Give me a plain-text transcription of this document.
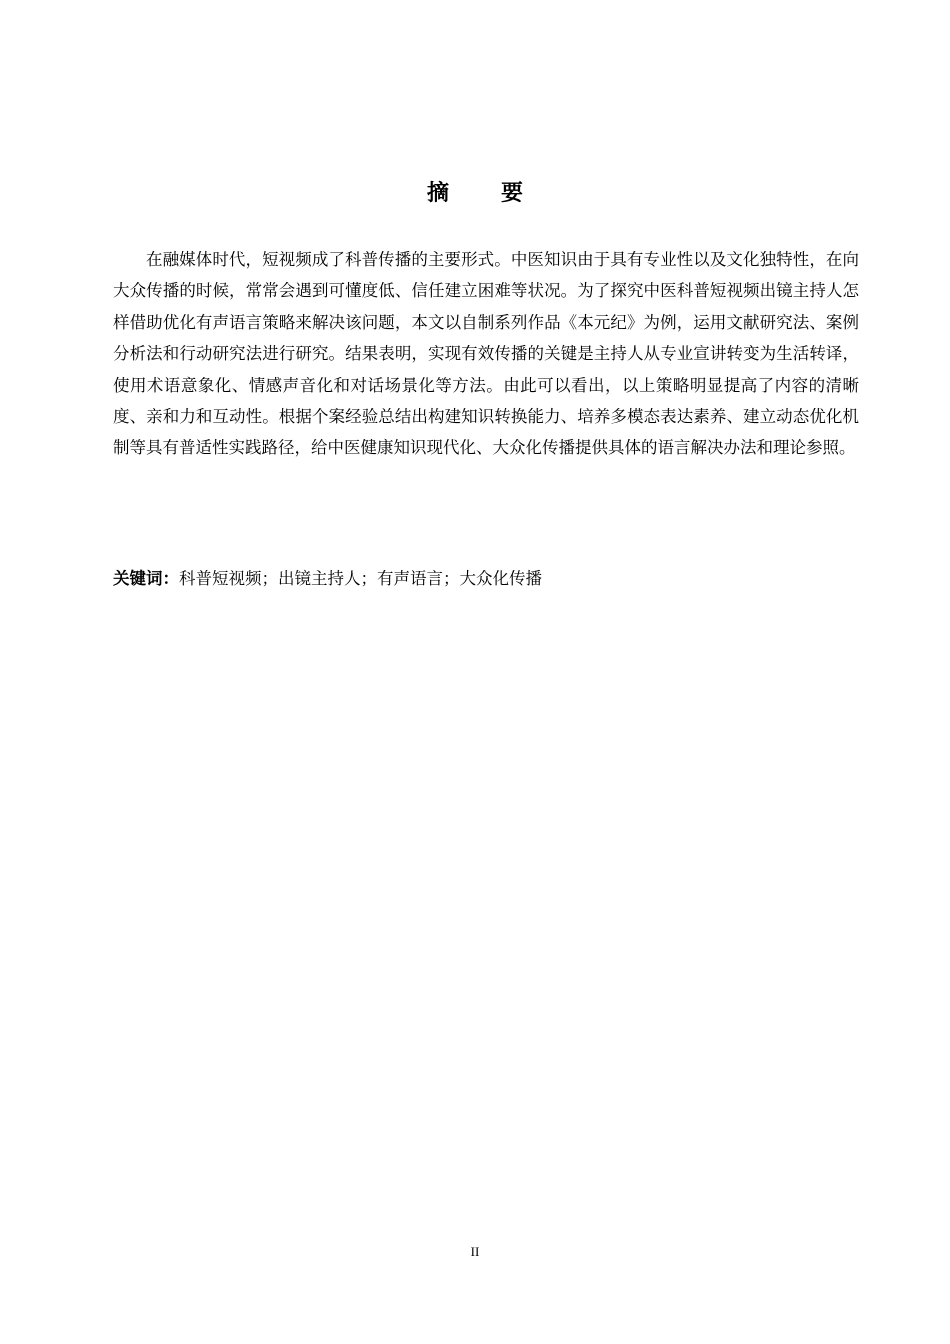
摘 要

在融媒体时代，短视频成了科普传播的主要形式。中医知识由于具有专业性以及文化独特性，在向大众传播的时候，常常会遇到可懂度低、信任建立困难等状况。为了探究中医科普短视频出镜主持人怎样借助优化有声语言策略来解决该问题，本文以自制系列作品《本元纪》为例，运用文献研究法、案例分析法和行动研究法进行研究。结果表明，实现有效传播的关键是主持人从专业宣讲转变为生活转译，使用术语意象化、情感声音化和对话场景化等方法。由此可以看出，以上策略明显提高了内容的清晰度、亲和力和互动性。根据个案经验总结出构建知识转换能力、培养多模态表达素养、建立动态优化机制等具有普适性实践路径，给中医健康知识现代化、大众化传播提供具体的语言解决办法和理论参照。

关键词：科普短视频；出镜主持人；有声语言；大众化传播
II
